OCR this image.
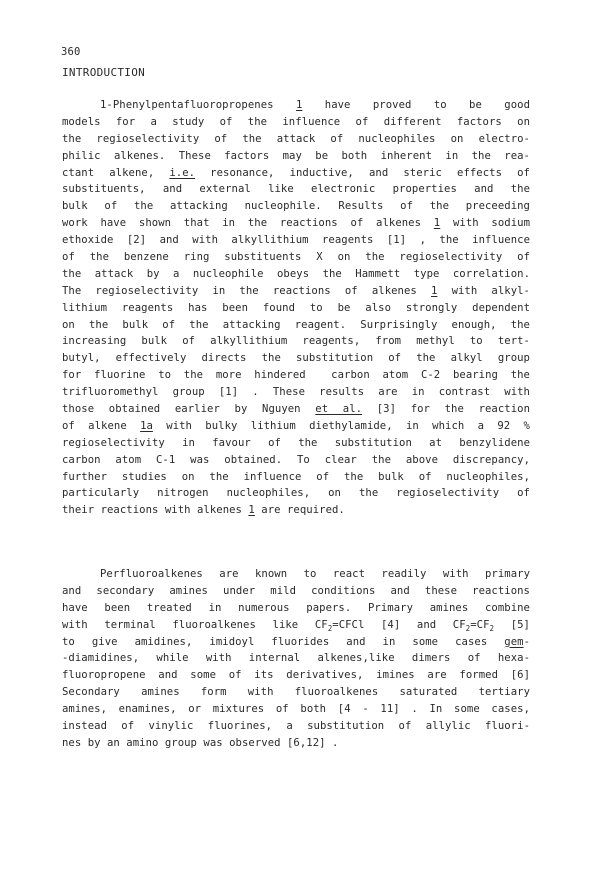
360
INTRODUCTION
1-Phenylpentafluoropropenes 1 have proved to be good
models for a study of the influence of different factors on
the regioselectivity of the attack of nucleophiles on electro-
philic alkenes. These factors may be both inherent in the rea-
ctant alkene, i.e. resonance, inductive, and steric effects of
substituents, and external like electronic properties and the
bulk of the attacking nucleophile. Results of the preceeding
work have shown that in the reactions of alkenes 1 with sodium
ethoxide [2] and with alkyllithium reagents [1] , the influence
of the benzene ring substituents X on the regioselectivity of
the attack by a nucleophile obeys the Hammett type correlation.
The regioselectivity in the reactions of alkenes 1 with alkyl-
lithium reagents has been found to be also strongly dependent
on the bulk of the attacking reagent. Surprisingly enough, the
increasing bulk of alkyllithium reagents, from methyl to tert-
butyl, effectively directs the substitution of the alkyl group
for fluorine to the more hindered  carbon atom C-2 bearing the
trifluoromethyl group [1] . These results are in contrast with
those obtained earlier by Nguyen et al. [3] for the reaction
of alkene 1a with bulky lithium diethylamide, in which a 92 %
regioselectivity in favour of the substitution at benzylidene
carbon atom C-1 was obtained. To clear the above discrepancy,
further studies on the influence of the bulk of nucleophiles,
particularly nitrogen nucleophiles, on the regioselectivity of
their reactions with alkenes 1 are required.
Perfluoroalkenes are known to react readily with primary
and secondary amines under mild conditions and these reactions
have been treated in numerous papers. Primary amines combine
with terminal fluoroalkenes like $CF_2=CFCl$ [4] and $CF_2=CF_2$ [5]
to give amidines, imidoyl fluorides and in some cases gem-
-diamidines, while with internal alkenes,like dimers of hexa-
fluoropropene and some of its derivatives, imines are formed [6]
Secondary amines form with fluoroalkenes saturated tertiary
amines, enamines, or mixtures of both [4 - 11] . In some cases,
instead of vinylic fluorines, a substitution of allylic fluori-
nes by an amino group was observed [6,12] .
